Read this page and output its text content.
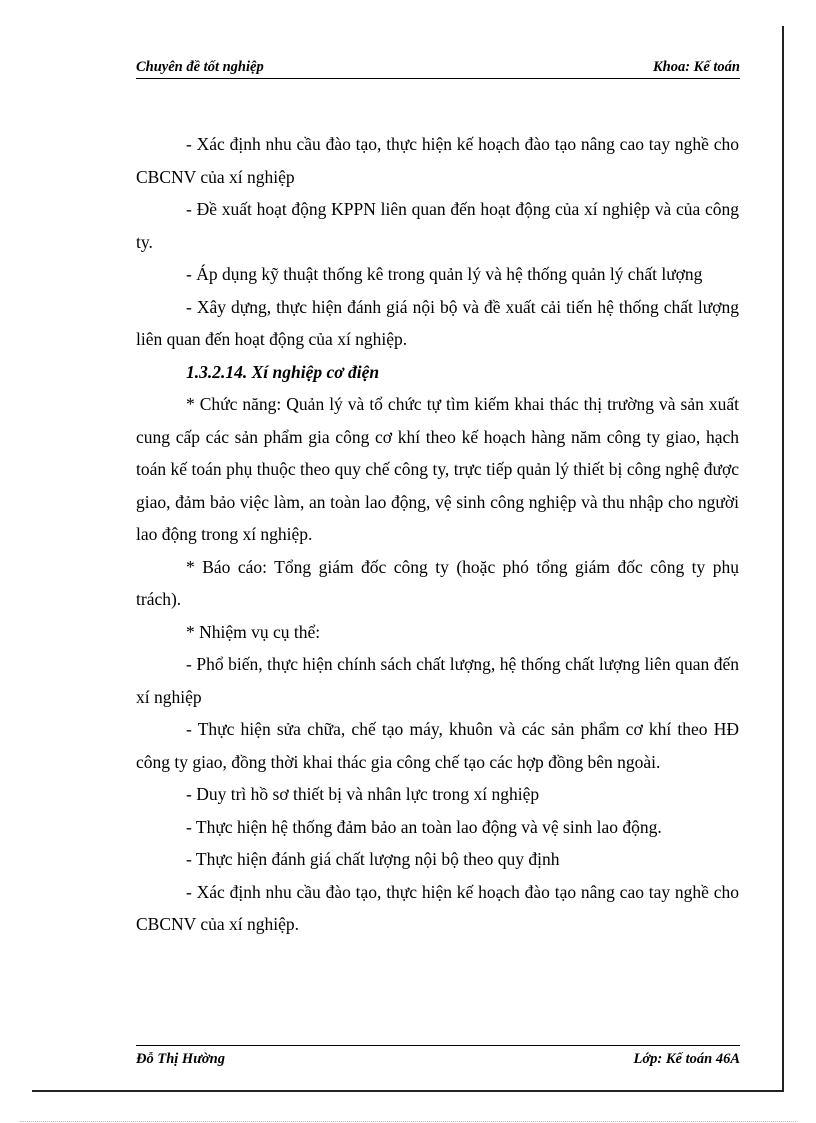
Chuyên đề tốt nghiệp	Khoa: Kế toán

- Xác định nhu cầu đào tạo, thực hiện kế hoạch đào tạo nâng cao tay nghề cho CBCNV của xí nghiệp

- Đề xuất hoạt động KPPN liên quan đến hoạt động của xí nghiệp và của công ty.

- Áp dụng kỹ thuật thống kê trong quản lý và hệ thống quản lý chất lượng

- Xây dựng, thực hiện đánh giá nội bộ và đề xuất cải tiến hệ thống chất lượng liên quan đến hoạt động của xí nghiệp.

1.3.2.14. Xí nghiệp cơ điện

* Chức năng: Quản lý và tổ chức tự tìm kiếm khai thác thị trường và sản xuất cung cấp các sản phẩm gia công cơ khí theo kế hoạch hàng năm công ty giao, hạch toán kế toán phụ thuộc theo quy chế công ty, trực tiếp quản lý thiết bị công nghệ được giao, đảm bảo việc làm, an toàn lao động, vệ sinh công nghiệp và thu nhập cho người lao động trong xí nghiệp.

* Báo cáo: Tổng giám đốc công ty (hoặc phó tổng giám đốc công ty phụ trách).

* Nhiệm vụ cụ thể:

- Phổ biến, thực hiện chính sách chất lượng, hệ thống chất lượng liên quan đến xí nghiệp

- Thực hiện sửa chữa, chế tạo máy, khuôn và các sản phẩm cơ khí theo HĐ công ty giao, đồng thời khai thác gia công chế tạo các hợp đồng bên ngoài.

- Duy trì hồ sơ thiết bị và nhân lực trong xí nghiệp

- Thực hiện hệ thống đảm bảo an toàn lao động và vệ sinh lao động.

- Thực hiện đánh giá chất lượng nội bộ theo quy định

- Xác định nhu cầu đào tạo, thực hiện kế hoạch đào tạo nâng cao tay nghề cho CBCNV của xí nghiệp.

Đỗ Thị Hường	Lớp: Kế toán 46A
